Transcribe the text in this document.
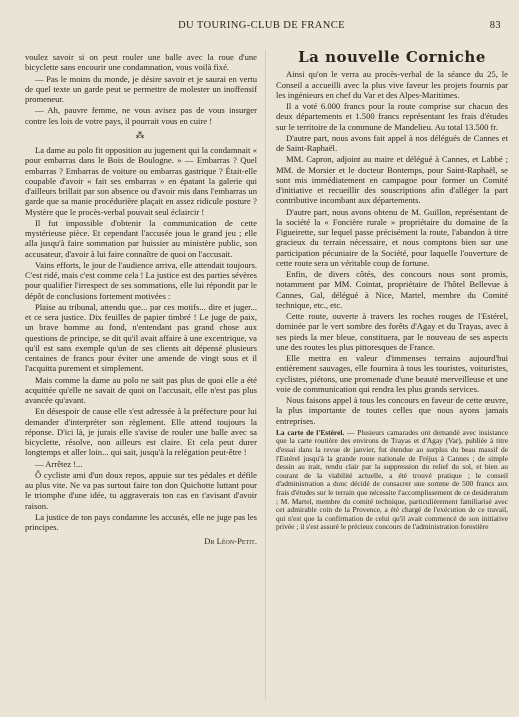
DU TOURING-CLUB DE FRANCE	83

voulez savoir si on peut rouler une balle avec la roue d'une bicyclette sans encourir une condamnation, vous voilà fixé.

— Pas le moins du monde, je désire savoir et je saurai en vertu de quel texte un garde peut se permettre de molester un inoffensif promeneur.

— Ah, pauvre femme, ne vous avisez pas de vous insurger contre les lois de votre pays, il pourrait vous en cuire !

⁂

La dame au polo fit opposition au jugement qui la condamnait « pour embarras dans le Bois de Boulogne. » — Embarras ? Quel embarras ? Embarras de voiture ou embarras gastrique ? Était-elle coupable d'avoir « fait ses embarras » en épatant la galerie qui d'ailleurs brillait par son absence ou d'avoir mis dans l'embarras un garde que sa manie procédurière plaçait en assez ridicule posture ? Mystère que le procès-verbal pouvait seul éclaircir !

Il fut impossible d'obtenir la communication de cette mystérieuse pièce. Et cependant l'accusée joua le grand jeu ; elle alla jusqu'à faire sommation par huissier au ministère public, son accusateur, d'avoir à lui faire connaître de quoi on l'accusait.

Vains efforts, le jour de l'audience arriva, elle attendait toujours. C'est ridé, mais c'est comme cela ! La justice est des parties sévères pour qualifier l'irrespect de ses sommations, elle lui répondit par le dépôt de conclusions fortement motivées :

Plaise au tribunal, attendu que... par ces motifs... dire et juger... et ce sera justice. Dix feuilles de papier timbré ! Le juge de paix, un brave homme au fond, n'entendant pas grand chose aux questions de principe, se dit qu'il avait affaire à une excentrique, va qu'il est sans exemple qu'un de ses clients ait dépensé plusieurs centaines de francs pour éviter une amende de vingt sous et il l'acquitta purement et simplement.

Mais comme la dame au polo ne sait pas plus de quoi elle a été acquittée qu'elle ne savait de quoi on l'accusait, elle n'est pas plus avancée qu'avant.

En désespoir de cause elle s'est adressée à la préfecture pour lui demander d'interpréter son règlement. Elle attend toujours la réponse. D'ici là, je jurais elle s'avise de rouler une balle avec sa bicyclette, résolve, non ailleurs est claire. Et cela peut durer longtemps et aller loin... qui sait, jusqu'à la relégation peut-être !

— Arrêtez !...

Ô cycliste ami d'un doux repos, appuie sur tes pédales et défile au plus vite. Ne va pas surtout faire ton don Quichotte luttant pour le triomphe d'une idée, tu aggraverais ton cas en t'avisant d'avoir raison.

La justice de ton pays condamne les accusés, elle ne juge pas les principes.

Dr Léon-Petit.
La nouvelle Corniche

Ainsi qu'on le verra au procès-verbal de la séance du 25, le Conseil a accueilli avec la plus vive faveur les projets fournis par les ingénieurs en chef du Var et des Alpes-Maritimes.

Il a voté 6.000 francs pour la route comprise sur chacun des deux départements et 1.500 francs représentant les frais d'études sur le territoire de la commune de Mandelieu. Au total 13.500 fr.

D'autre part, nous avons fait appel à nos délégués de Cannes et de Saint-Raphaël.

MM. Capron, adjoint au maire et délégué à Cannes, et Labbé ; MM. de Morsier et le docteur Bontemps, pour Saint-Raphaël, se sont mis immédiatement en campagne pour former un Comité d'initiative et recueillir des souscriptions afin d'alléger la part contributive incombant aux départements.

D'autre part, nous avons obtenu de M. Guillon, représentant de la société la « Foncière rurale » propriétaire du domaine de la Figueirette, sur lequel passe précisément la route, l'abandon à titre gracieux du terrain nécessaire, et nous comptons bien sur une participation pécuniaire de la Société, pour laquelle l'ouverture de cette route sera un véritable coup de fortune.

Enfin, de divers côtés, des concours nous sont promis, notamment par MM. Cointat, propriétaire de l'hôtel Bellevue à Cannes, Gal, délégué à Nice, Martel, membre du Comité technique, etc., etc.

Cette route, ouverte à travers les roches rouges de l'Estérel, dominée par le vert sombre des forêts d'Agay et du Trayas, avec à ses pieds la mer bleue, constituera, par le nouveau de ses aspects une des routes les plus pittoresques de France.

Elle mettra en valeur d'immenses terrains aujourd'hui entièrement sauvages, elle fournira à tous les touristes, voituristes, cyclistes, piétons, une promenade d'une beauté merveilleuse et une voie de communication qui rendra les plus grands services.

Nous faisons appel à tous les concours en faveur de cette œuvre, la plus importante de toutes celles que nous ayons jamais entreprises.

La carte de l'Estérel. — Plusieurs camarades ont demandé avec insistance que la carte routière des environs de Trayas et d'Agay (Var), publiée à titre d'essai dans la revue de janvier, fut étendue au surplus du beau massif de l'Estérel jusqu'à la grande route nationale de Fréjus à Cannes ; de simple dessin au trait, rendu clair par la suppression du relief du sol, et bien au courant de la viabilité actuelle, a été trouvé pratique ; le conseil d'administration a donc décidé de consacrer une somme de 500 francs aux frais d'études sur le terrain que nécessite l'accomplissement de ce desideratum ; M. Martel, membre du comité technique, particulièrement familiarisé avec cet admirable coin de la Provence, a été chargé de l'exécution de ce travail, qui n'est que la confirmation de celui qu'il avait commencé de son initiative privée ; il s'est assuré le précieux concours de l'administration forestière
